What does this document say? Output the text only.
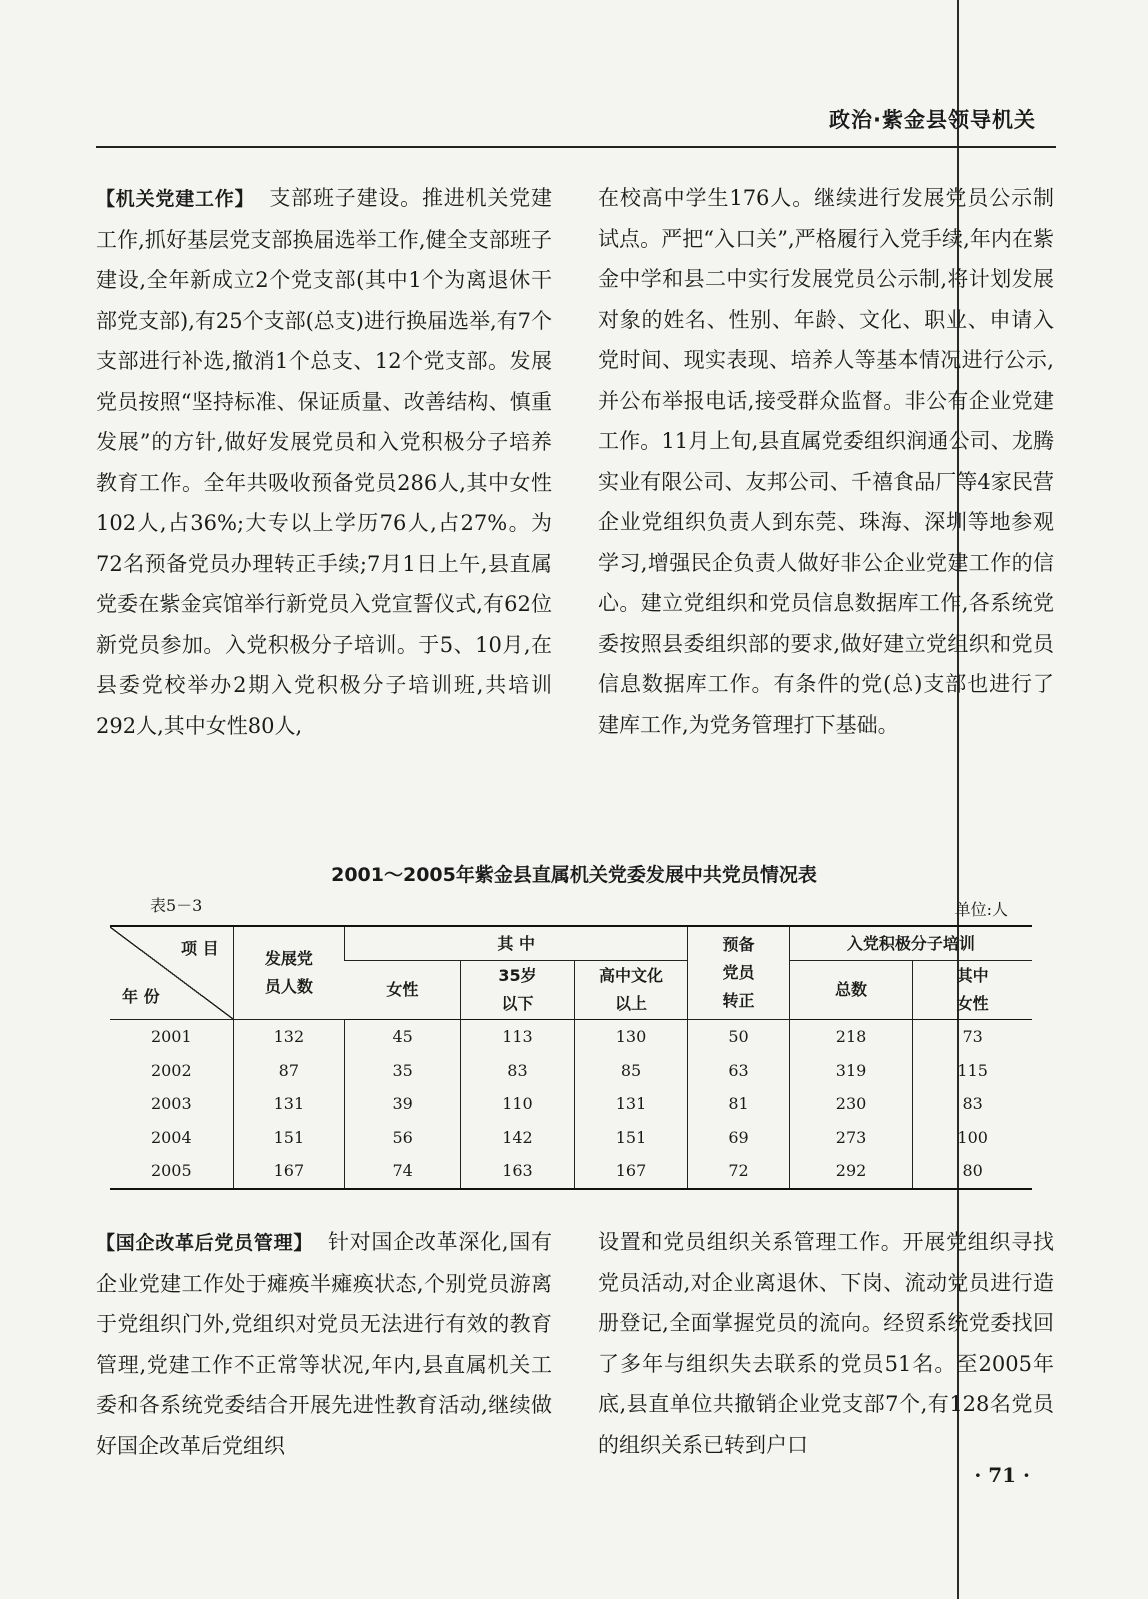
政治·紫金县领导机关

【机关党建工作】 支部班子建设。推进机关党建工作,抓好基层党支部换届选举工作,健全支部班子建设,全年新成立2个党支部(其中1个为离退休干部党支部),有25个支部(总支)进行换届选举,有7个支部进行补选,撤消1个总支、12个党支部。发展党员按照“坚持标准、保证质量、改善结构、慎重发展”的方针,做好发展党员和入党积极分子培养教育工作。全年共吸收预备党员286人,其中女性102人,占36%;大专以上学历76人,占27%。为72名预备党员办理转正手续;7月1日上午,县直属党委在紫金宾馆举行新党员入党宣誓仪式,有62位新党员参加。入党积极分子培训。于5、10月,在县委党校举办2期入党积极分子培训班,共培训292人,其中女性80人,

在校高中学生176人。继续进行发展党员公示制试点。严把“入口关”,严格履行入党手续,年内在紫金中学和县二中实行发展党员公示制,将计划发展对象的姓名、性别、年龄、文化、职业、申请入党时间、现实表现、培养人等基本情况进行公示,并公布举报电话,接受群众监督。非公有企业党建工作。11月上旬,县直属党委组织润通公司、龙腾实业有限公司、友邦公司、千禧食品厂等4家民营企业党组织负责人到东莞、珠海、深圳等地参观学习,增强民企负责人做好非公企业党建工作的信心。建立党组织和党员信息数据库工作,各系统党委按照县委组织部的要求,做好建立党组织和党员信息数据库工作。有条件的党(总)支部也进行了建库工作,为党务管理打下基础。

2001～2005年紫金县直属机关党委发展中共党员情况表
表5－3	单位:人
项 目
年 份	发展党员人数	其 中			预备党员转正	入党积极分子培训	
		女性	35岁以下	高中文化以上		总数	其中女性

2001	132	45	113	130	50	218	73
2002	87	35	83	85	63	319	115
2003	131	39	110	131	81	230	83
2004	151	56	142	151	69	273	100
2005	167	74	163	167	72	292	80

【国企改革后党员管理】 针对国企改革深化,国有企业党建工作处于瘫痪半瘫痪状态,个别党员游离于党组织门外,党组织对党员无法进行有效的教育管理,党建工作不正常等状况,年内,县直属机关工委和各系统党委结合开展先进性教育活动,继续做好国企改革后党组织

设置和党员组织关系管理工作。开展党组织寻找党员活动,对企业离退休、下岗、流动党员进行造册登记,全面掌握党员的流向。经贸系统党委找回了多年与组织失去联系的党员51名。至2005年底,县直单位共撤销企业党支部7个,有128名党员的组织关系已转到户口

· 71 ·
